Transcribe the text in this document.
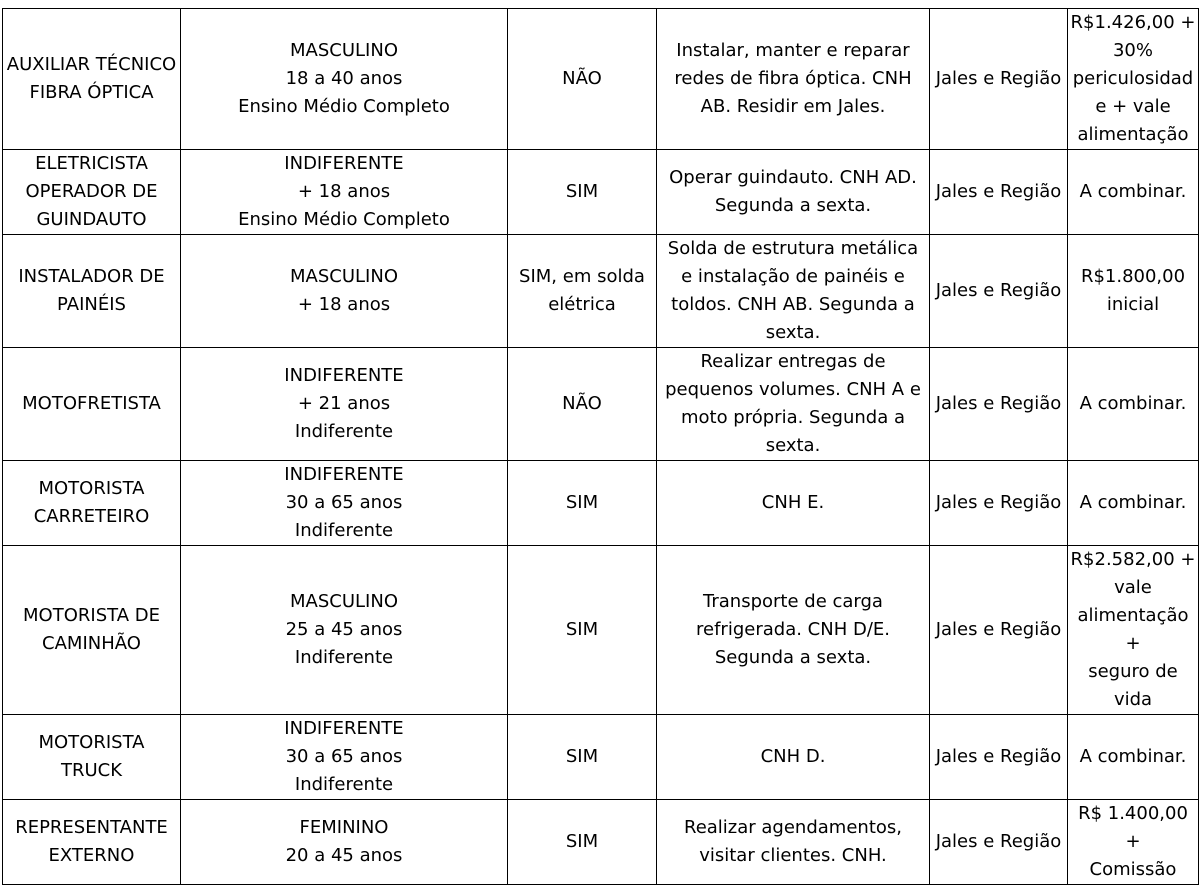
AUXILIAR TÉCNICO
FIBRA ÓPTICA	MASCULINO
18 a 40 anos
Ensino Médio Completo	NÃO	Instalar, manter e reparar
redes de fibra óptica. CNH
AB. Residir em Jales.	Jales e Região	R$1.426,00 +
30%
periculosidad
e + vale
alimentação
ELETRICISTA
OPERADOR DE
GUINDAUTO	INDIFERENTE
+ 18 anos
Ensino Médio Completo	SIM	Operar guindauto. CNH AD.
Segunda a sexta.	Jales e Região	A combinar.
INSTALADOR DE
PAINÉIS	MASCULINO
+ 18 anos	SIM, em solda
elétrica	Solda de estrutura metálica
e instalação de painéis e
toldos. CNH AB. Segunda a
sexta.	Jales e Região	R$1.800,00
inicial
MOTOFRETISTA	INDIFERENTE
+ 21 anos
Indiferente	NÃO	Realizar entregas de
pequenos volumes. CNH A e
moto própria. Segunda a
sexta.	Jales e Região	A combinar.
MOTORISTA
CARRETEIRO	INDIFERENTE
30 a 65 anos
Indiferente	SIM	CNH E.	Jales e Região	A combinar.
MOTORISTA DE
CAMINHÃO	MASCULINO
25 a 45 anos
Indiferente	SIM	Transporte de carga
refrigerada. CNH D/E.
Segunda a sexta.	Jales e Região	R$2.582,00 +
vale
alimentação +
seguro de
vida
MOTORISTA
TRUCK	INDIFERENTE
30 a 65 anos
Indiferente	SIM	CNH D.	Jales e Região	A combinar.
REPRESENTANTE
EXTERNO	FEMININO
20 a 45 anos	SIM	Realizar agendamentos,
visitar clientes. CNH.	Jales e Região	R$ 1.400,00 +
Comissão
